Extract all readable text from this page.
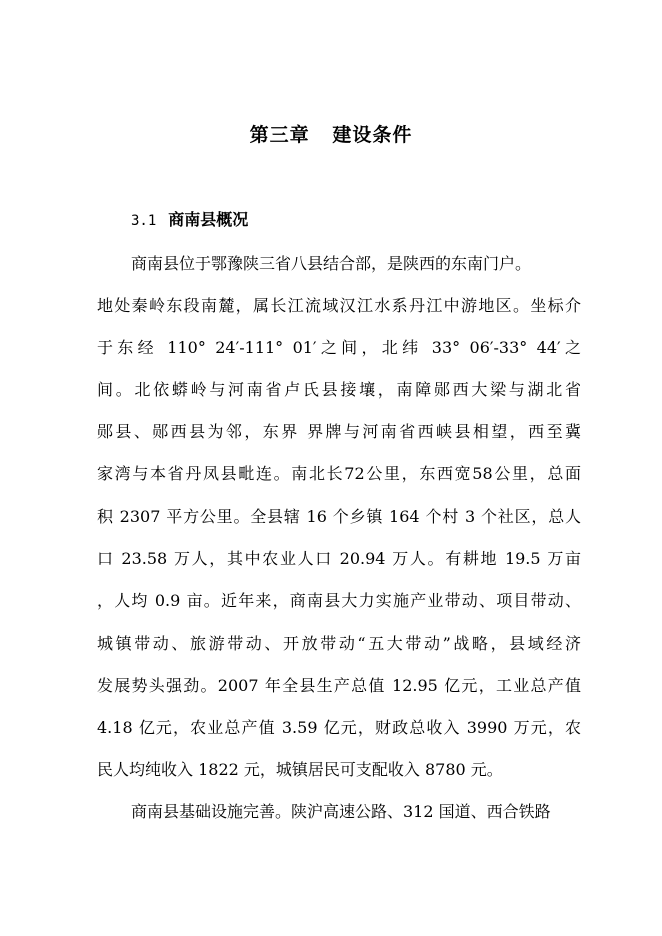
第三章   建设条件
3.1 商南县概况
商南县位于鄂豫陕三省八县结合部，是陕西的东南门户。
地处秦岭东段南麓，属长江流域汉江水系丹江中游地区。坐标介
于东经 110° 24′-111° 01′之间，北纬 33° 06′-33° 44′之
间。北依蟒岭与河南省卢氏县接壤，南障郧西大梁与湖北省
郧县、郧西县为邻，东界 界牌与河南省西峡县相望，西至冀
家湾与本省丹凤县毗连。南北长72公里，东西宽58公里，总面
积 2307 平方公里。全县辖 16 个乡镇 164 个村 3 个社区，总人
口 23.58 万人，其中农业人口 20.94 万人。有耕地 19.5 万亩
，人均 0.9 亩。近年来，商南县大力实施产业带动、项目带动、
城镇带动、旅游带动、开放带动“五大带动”战略，县域经济
发展势头强劲。2007 年全县生产总值 12.95 亿元，工业总产值
4.18 亿元，农业总产值 3.59 亿元，财政总收入 3990 万元，农
民人均纯收入 1822 元，城镇居民可支配收入 8780 元。
商南县基础设施完善。陕沪高速公路、312 国道、西合铁路
